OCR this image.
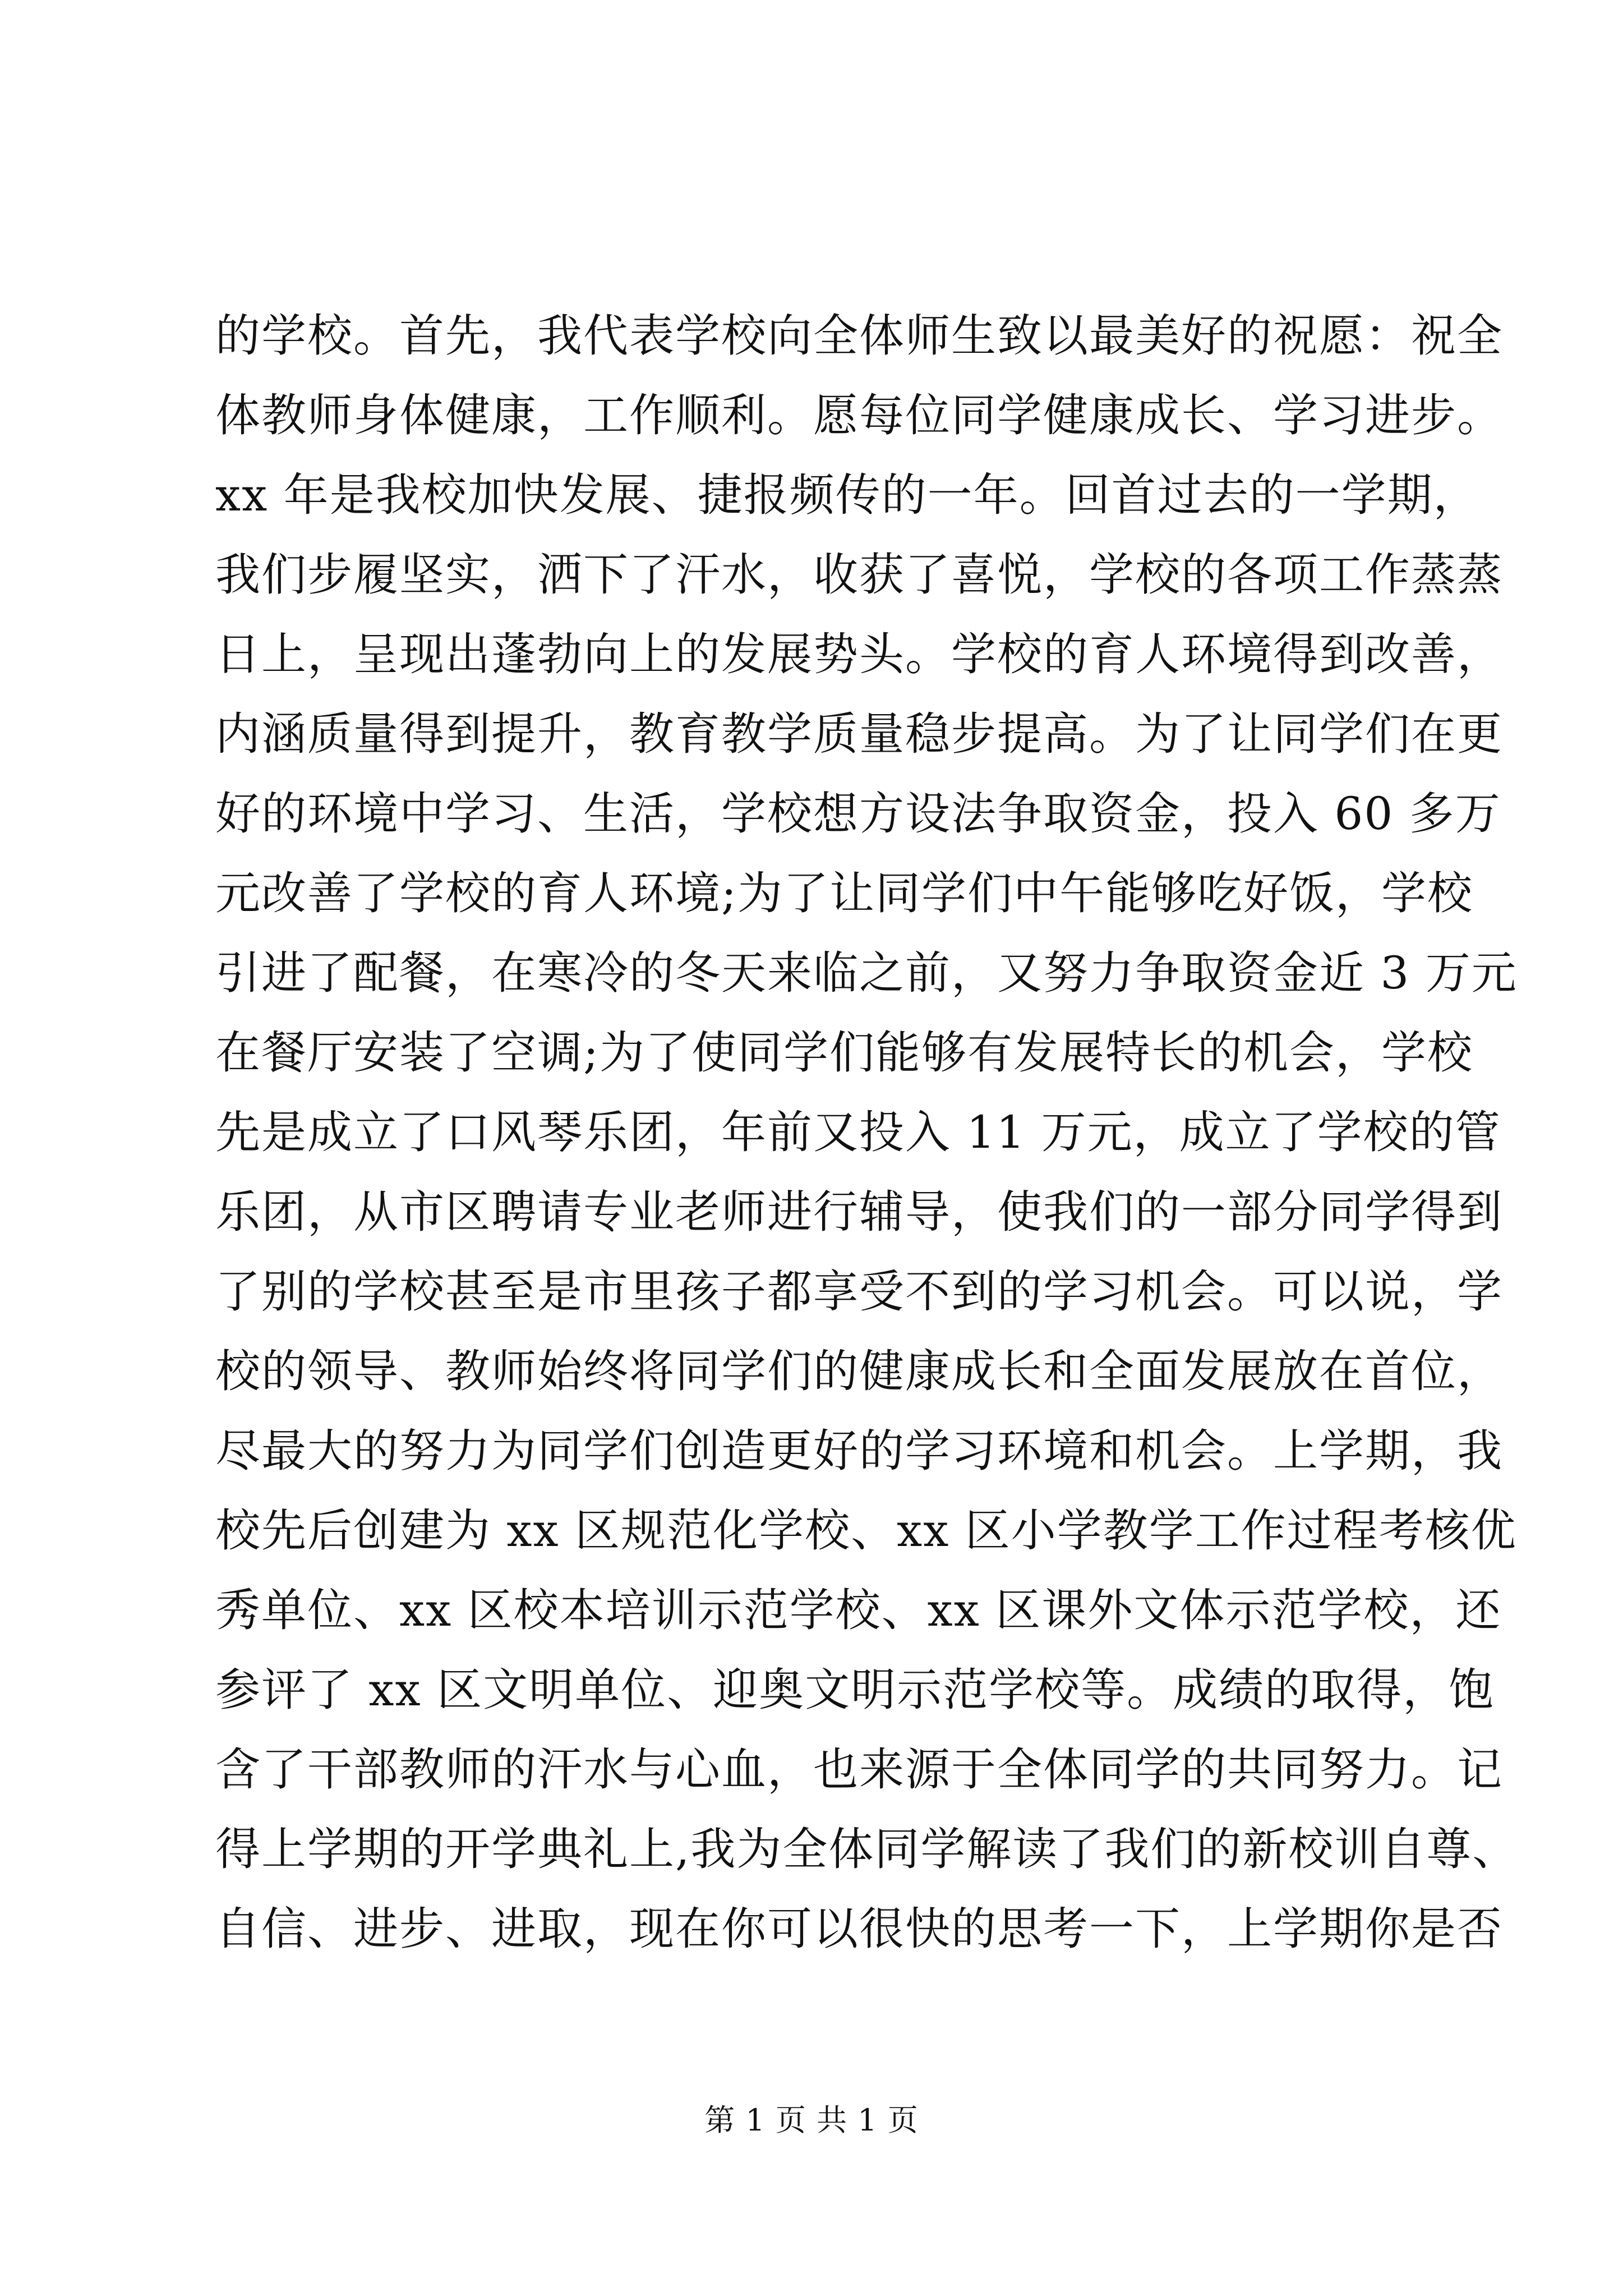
的学校。首先，我代表学校向全体师生致以最美好的祝愿：祝全
体教师身体健康，工作顺利。愿每位同学健康成长、学习进步。
xx 年是我校加快发展、捷报频传的一年。回首过去的一学期，
我们步履坚实，洒下了汗水，收获了喜悦，学校的各项工作蒸蒸
日上，呈现出蓬勃向上的发展势头。学校的育人环境得到改善，
内涵质量得到提升，教育教学质量稳步提高。为了让同学们在更
好的环境中学习、生活，学校想方设法争取资金，投入 60 多万
元改善了学校的育人环境;为了让同学们中午能够吃好饭，学校
引进了配餐，在寒冷的冬天来临之前，又努力争取资金近 3 万元
在餐厅安装了空调;为了使同学们能够有发展特长的机会，学校
先是成立了口风琴乐团，年前又投入 11 万元，成立了学校的管
乐团，从市区聘请专业老师进行辅导，使我们的一部分同学得到
了别的学校甚至是市里孩子都享受不到的学习机会。可以说，学
校的领导、教师始终将同学们的健康成长和全面发展放在首位，
尽最大的努力为同学们创造更好的学习环境和机会。上学期，我
校先后创建为 xx 区规范化学校、xx 区小学教学工作过程考核优
秀单位、xx 区校本培训示范学校、xx 区课外文体示范学校，还
参评了 xx 区文明单位、迎奥文明示范学校等。成绩的取得，饱
含了干部教师的汗水与心血，也来源于全体同学的共同努力。记
得上学期的开学典礼上,我为全体同学解读了我们的新校训自尊、
自信、进步、进取，现在你可以很快的思考一下，上学期你是否
第 1 页 共 1 页
